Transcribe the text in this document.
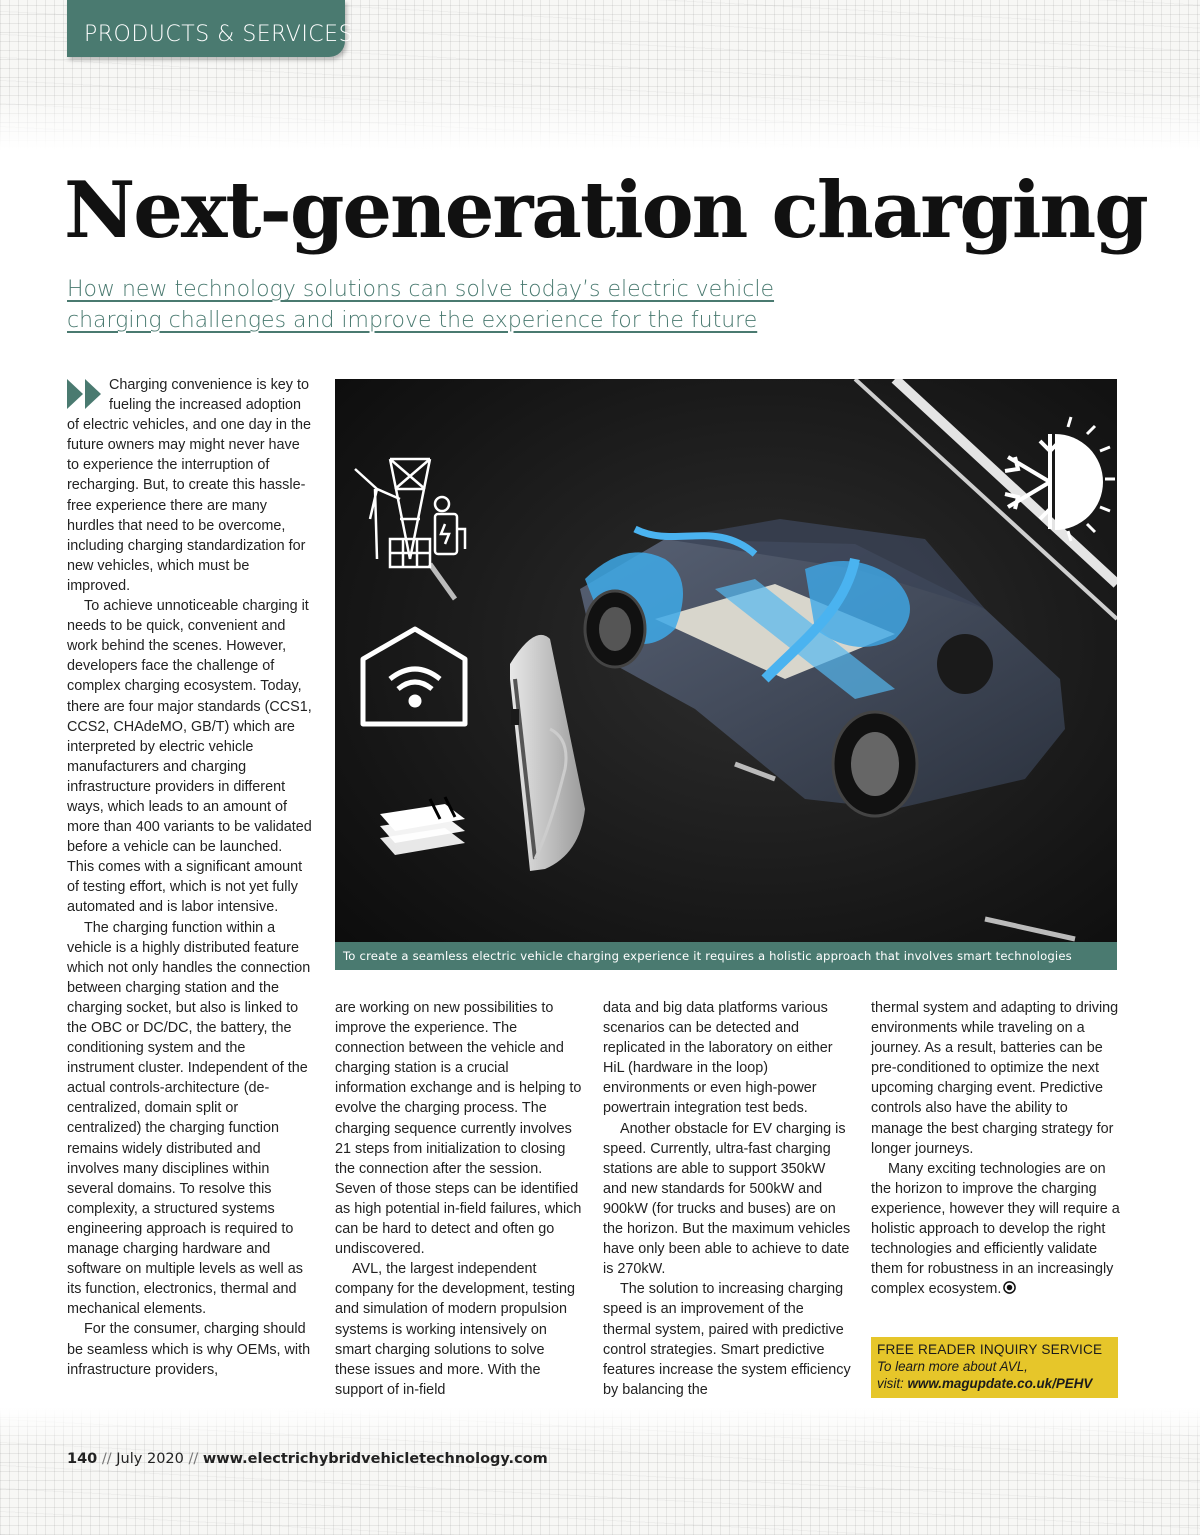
PRODUCTS & SERVICES
Next-generation charging
How new technology solutions can solve today’s electric vehicle
charging challenges and improve the experience for the future

Charging convenience is key to fueling the increased adoption of electric vehicles, and one day in the future owners may might never have to experience the interruption of recharging. But, to create this hassle-free experience there are many hurdles that need to be overcome, including charging standardization for new vehicles, which must be improved.

To achieve unnoticeable charging it needs to be quick, convenient and work behind the scenes. However, developers face the challenge of complex charging ecosystem. Today, there are four major standards (CCS1, CCS2, CHAdeMO, GB/T) which are interpreted by electric vehicle manufacturers and charging infrastructure providers in different ways, which leads to an amount of more than 400 variants to be validated before a vehicle can be launched. This comes with a significant amount of testing effort, which is not yet fully automated and is labor intensive.

The charging function within a vehicle is a highly distributed feature which not only handles the connection between charging station and the charging socket, but also is linked to the OBC or DC/DC, the battery, the conditioning system and the instrument cluster. Independent of the actual controls-architecture (de-centralized, domain split or centralized) the charging function remains widely distributed and involves many disciplines within several domains. To resolve this complexity, a structured systems engineering approach is required to manage charging hardware and software on multiple levels as well as its function, electronics, thermal and mechanical elements.

For the consumer, charging should be seamless which is why OEMs, with infrastructure providers,

To create a seamless electric vehicle charging experience it requires a holistic approach that involves smart technologies

are working on new possibilities to improve the experience. The connection between the vehicle and charging station is a crucial information exchange and is helping to evolve the charging process. The charging sequence currently involves 21 steps from initialization to closing the connection after the session. Seven of those steps can be identified as high potential in-field failures, which can be hard to detect and often go undiscovered.

AVL, the largest independent company for the development, testing and simulation of modern propulsion systems is working intensively on smart charging solutions to solve these issues and more. With the support of in-field

data and big data platforms various scenarios can be detected and replicated in the laboratory on either HiL (hardware in the loop) environments or even high-power powertrain integration test beds.

Another obstacle for EV charging is speed. Currently, ultra-fast charging stations are able to support 350kW and new standards for 500kW and 900kW (for trucks and buses) are on the horizon. But the maximum vehicles have only been able to achieve to date is 270kW.

The solution to increasing charging speed is an improvement of the thermal system, paired with predictive control strategies. Smart predictive features increase the system efficiency by balancing the

thermal system and adapting to driving environments while traveling on a journey. As a result, batteries can be pre-conditioned to optimize the next upcoming charging event. Predictive controls also have the ability to manage the best charging strategy for longer journeys.

Many exciting technologies are on the horizon to improve the charging experience, however they will require a holistic approach to develop the right technologies and efficiently validate them for robustness in an increasingly complex ecosystem.

FREE READER INQUIRY SERVICE
To learn more about AVL,
visit: www.magupdate.co.uk/PEHV
140 // July 2020 // www.electrichybridvehicletechnology.com
